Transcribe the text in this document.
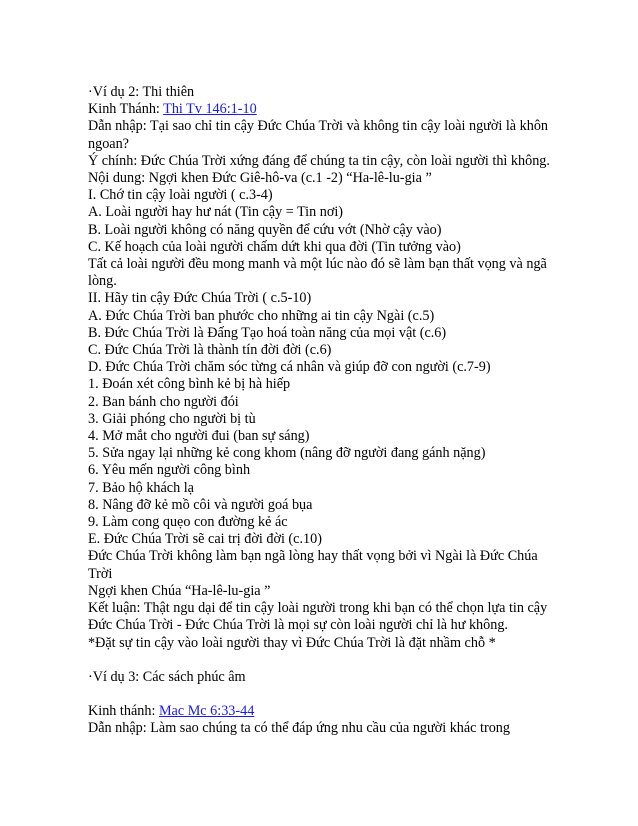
·Ví dụ 2: Thi thiên

Kinh Thánh: Thi Tv 146:1-10

Dẫn nhập: Tại sao chỉ tin cậy Đức Chúa Trời và không tin cậy loài người là khôn ngoan?

Ý chính: Đức Chúa Trời xứng đáng để chúng ta tin cậy, còn loài người thì không.

Nội dung: Ngợi khen Đức Giê-hô-va (c.1 -2) “Ha-lê-lu-gia ”

I. Chớ tin cậy loài người ( c.3-4)

A. Loài người hay hư nát (Tin cậy = Tin nơi)

B. Loài người không có năng quyền để cứu vớt (Nhờ cậy vào)

C. Kế hoạch của loài người chấm dứt khi qua đời (Tin tưởng vào)

Tất cả loài người đều mong manh và một lúc nào đó sẽ làm bạn thất vọng và ngã lòng.

II. Hãy tin cậy Đức Chúa Trời ( c.5-10)

A. Đức Chúa Trời ban phước cho những ai tin cậy Ngài (c.5)

B. Đức Chúa Trời là Đấng Tạo hoá toàn năng của mọi vật (c.6)

C. Đức Chúa Trời là thành tín đời đời (c.6)

D. Đức Chúa Trời chăm sóc từng cá nhân và giúp đỡ con người (c.7-9)

1. Đoán xét công bình kẻ bị hà hiếp

2. Ban bánh cho người đói

3. Giải phóng cho người bị tù

4. Mở mắt cho người đui (ban sự sáng)

5. Sửa ngay lại những kẻ cong khom (nâng đỡ người đang gánh nặng)

6. Yêu mến người công bình

7. Bảo hộ khách lạ

8. Nâng đỡ kẻ mồ côi và người goá bụa

9. Làm cong quẹo con đường kẻ ác

E. Đức Chúa Trời sẽ cai trị đời đời (c.10)

Đức Chúa Trời không làm bạn ngã lòng hay thất vọng bởi vì Ngài là Đức Chúa Trời

Ngợi khen Chúa “Ha-lê-lu-gia ”

Kết luận: Thật ngu dại để tin cậy loài người trong khi bạn có thể chọn lựa tin cậy Đức Chúa Trời - Đức Chúa Trời là mọi sự còn loài người chỉ là hư không.

*Đặt sự tin cậy vào loài người thay vì Đức Chúa Trời là đặt nhầm chỗ *

·Ví dụ 3: Các sách phúc âm

Kinh thánh: Mac Mc 6:33-44

Dẫn nhập: Làm sao chúng ta có thể đáp ứng nhu cầu của người khác trong
